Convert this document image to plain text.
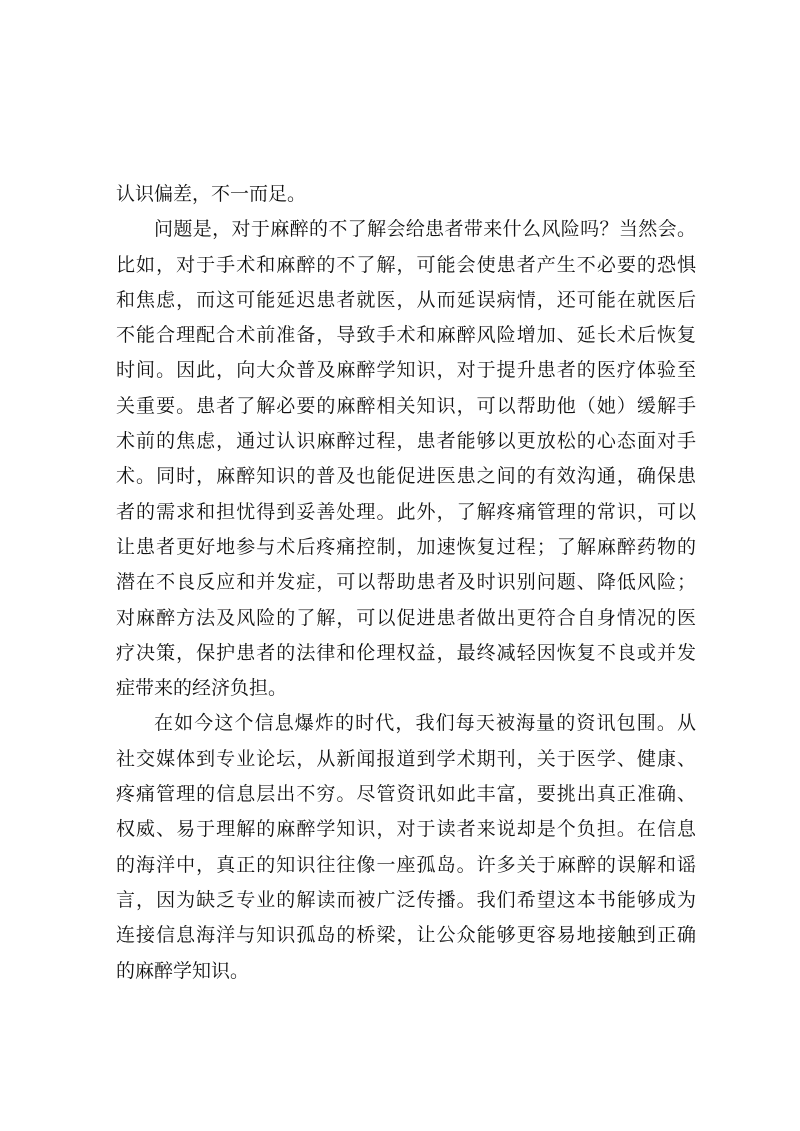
认识偏差，不一而足。
问题是，对于麻醉的不了解会给患者带来什么风险吗？当然会。
比如，对于手术和麻醉的不了解，可能会使患者产生不必要的恐惧
和焦虑，而这可能延迟患者就医，从而延误病情，还可能在就医后
不能合理配合术前准备，导致手术和麻醉风险增加、延长术后恢复
时间。因此，向大众普及麻醉学知识，对于提升患者的医疗体验至
关重要。患者了解必要的麻醉相关知识，可以帮助他（她）缓解手
术前的焦虑，通过认识麻醉过程，患者能够以更放松的心态面对手
术。同时，麻醉知识的普及也能促进医患之间的有效沟通，确保患
者的需求和担忧得到妥善处理。此外，了解疼痛管理的常识，可以
让患者更好地参与术后疼痛控制，加速恢复过程；了解麻醉药物的
潜在不良反应和并发症，可以帮助患者及时识别问题、降低风险；
对麻醉方法及风险的了解，可以促进患者做出更符合自身情况的医
疗决策，保护患者的法律和伦理权益，最终减轻因恢复不良或并发
症带来的经济负担。
在如今这个信息爆炸的时代，我们每天被海量的资讯包围。从
社交媒体到专业论坛，从新闻报道到学术期刊，关于医学、健康、
疼痛管理的信息层出不穷。尽管资讯如此丰富，要挑出真正准确、
权威、易于理解的麻醉学知识，对于读者来说却是个负担。在信息
的海洋中，真正的知识往往像一座孤岛。许多关于麻醉的误解和谣
言，因为缺乏专业的解读而被广泛传播。我们希望这本书能够成为
连接信息海洋与知识孤岛的桥梁，让公众能够更容易地接触到正确
的麻醉学知识。
